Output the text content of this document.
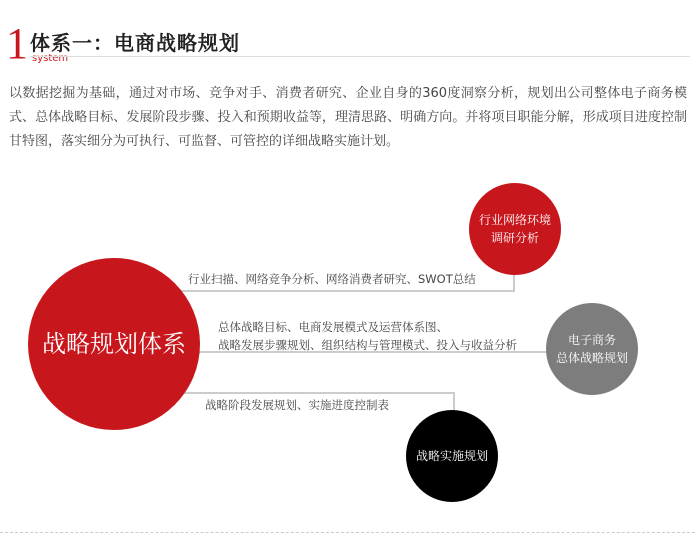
1 体系一：电商战略规划
system
以数据挖掘为基础，通过对市场、竞争对手、消费者研究、企业自身的360度洞察分析，规划出公司整体电子商务模式、总体战略目标、发展阶段步骤、投入和预期收益等，理清思路、明确方向。并将项目职能分解，形成项目进度控制甘特图，落实细分为可执行、可监督、可管控的详细战略实施计划。
行业扫描、网络竞争分析、网络消费者研究、SWOT总结
总体战略目标、电商发展模式及运营体系图、
战略发展步骤规划、组织结构与管理模式、投入与收益分析
战略阶段发展规划、实施进度控制表
战略规划体系
行业网络环境
调研分析
电子商务
总体战略规划
战略实施规划
